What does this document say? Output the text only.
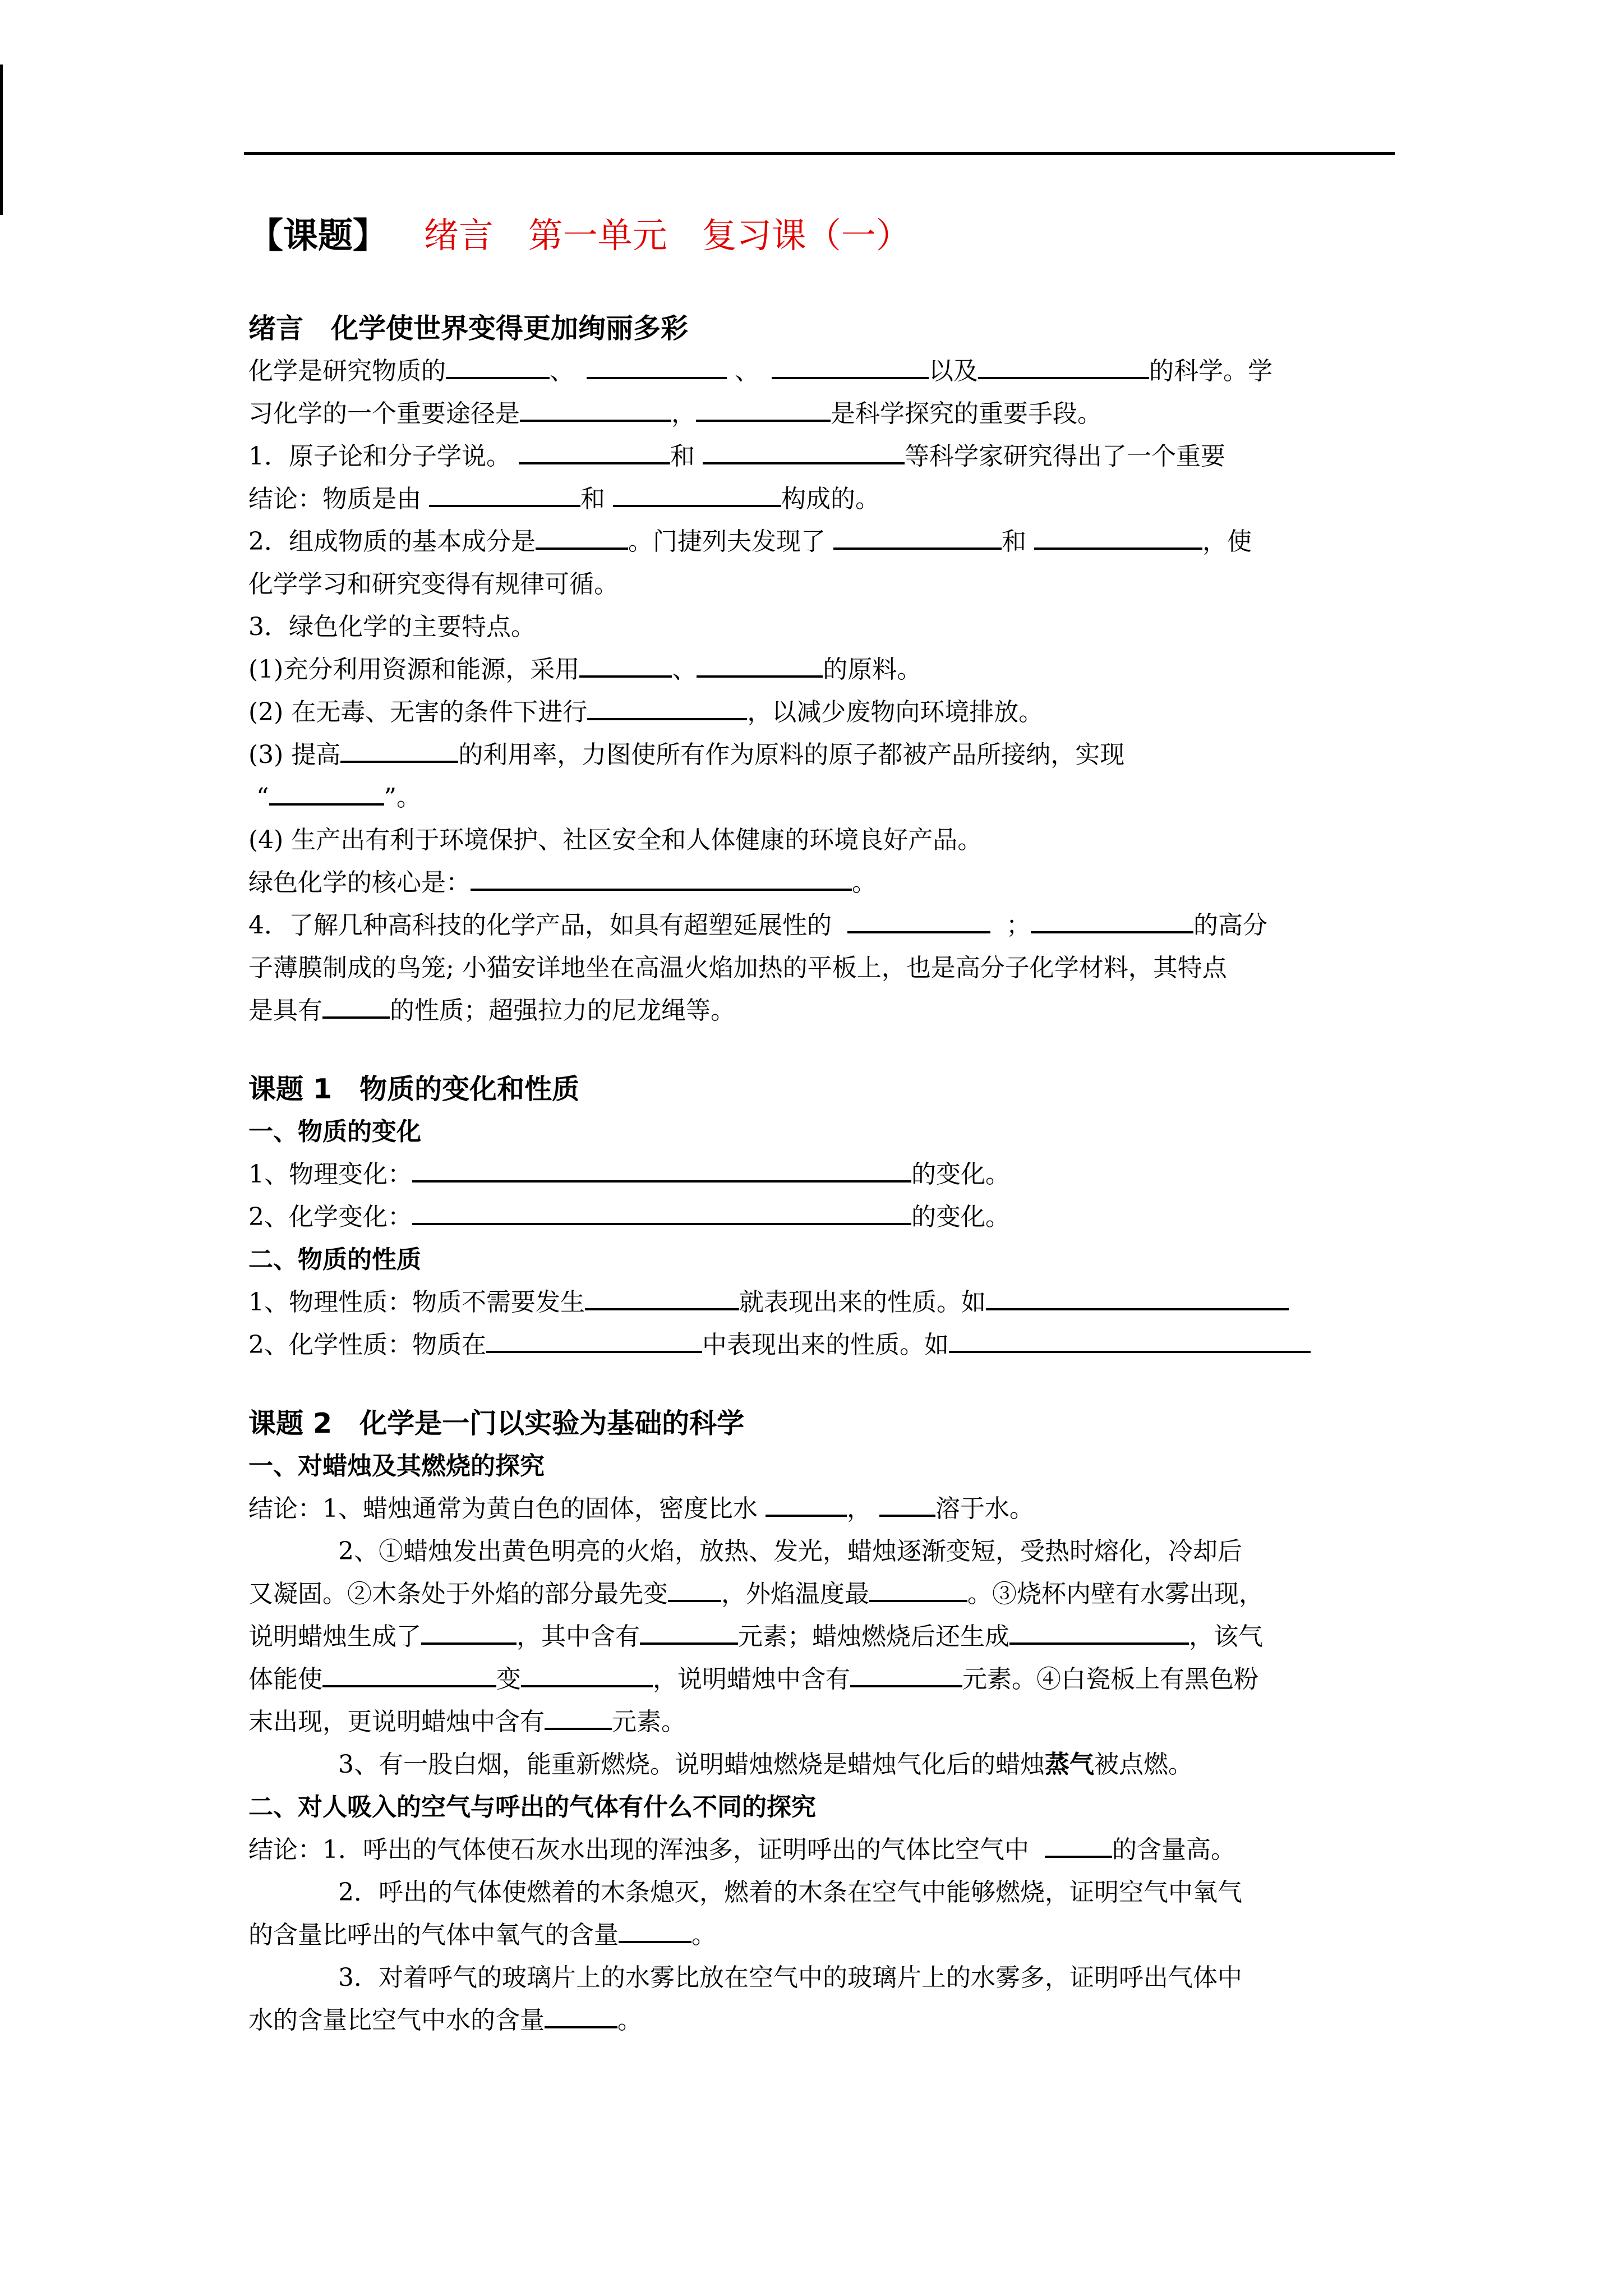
【课题】 绪言　第一单元　复习课（一）

绪言　化学使世界变得更加绚丽多彩

化学是研究物质的	、　	、　	以及	的科学。学

习化学的一个重要途径是	，	是科学探究的重要手段。

1．原子论和分子学说。	和	等科学家研究得出了一个重要

结论：物质是由	和	构成的。

2．组成物质的基本成分是	。门捷列夫发现了	和	，使

化学学习和研究变得有规律可循。

3．绿色化学的主要特点。

(1)充分利用资源和能源，采用	、	的原料。

(2) 在无毒、无害的条件下进行	，以减少废物向环境排放。

(3) 提高	的利用率，力图使所有作为原料的原子都被产品所接纳，实现

“	”。

(4) 生产出有利于环境保护、社区安全和人体健康的环境良好产品。

绿色化学的核心是：	。

4．了解几种高科技的化学产品，如具有超塑延展性的	；	的高分

子薄膜制成的鸟笼; 小猫安详地坐在高温火焰加热的平板上，也是高分子化学材料，其特点

是具有	的性质；超强拉力的尼龙绳等。

课题 1　物质的变化和性质

一、物质的变化

1、物理变化：	的变化。

2、化学变化：	的变化。

二、物质的性质

1、物理性质：物质不需要发生	就表现出来的性质。如

2、化学性质：物质在	中表现出来的性质。如

课题 2　化学是一门以实验为基础的科学

一、对蜡烛及其燃烧的探究

结论：1、蜡烛通常为黄白色的固体，密度比水	，	溶于水。

2、①蜡烛发出黄色明亮的火焰，放热、发光，蜡烛逐渐变短，受热时熔化，冷却后

又凝固。②木条处于外焰的部分最先变 ，外焰温度最	。③烧杯内壁有水雾出现，

说明蜡烛生成了	，其中含有	元素；蜡烛燃烧后还生成	，该气

体能使	变	，说明蜡烛中含有	元素。④白瓷板上有黑色粉

末出现，更说明蜡烛中含有	元素。

3、有一股白烟，能重新燃烧。说明蜡烛燃烧是蜡烛气化后的蜡烛蒸气被点燃。

二、对人吸入的空气与呼出的气体有什么不同的探究

结论：1．呼出的气体使石灰水出现的浑浊多，证明呼出的气体比空气中	的含量高。

2．呼出的气体使燃着的木条熄灭，燃着的木条在空气中能够燃烧，证明空气中氧气

的含量比呼出的气体中氧气的含量	。

3．对着呼气的玻璃片上的水雾比放在空气中的玻璃片上的水雾多，证明呼出气体中

水的含量比空气中水的含量	。
